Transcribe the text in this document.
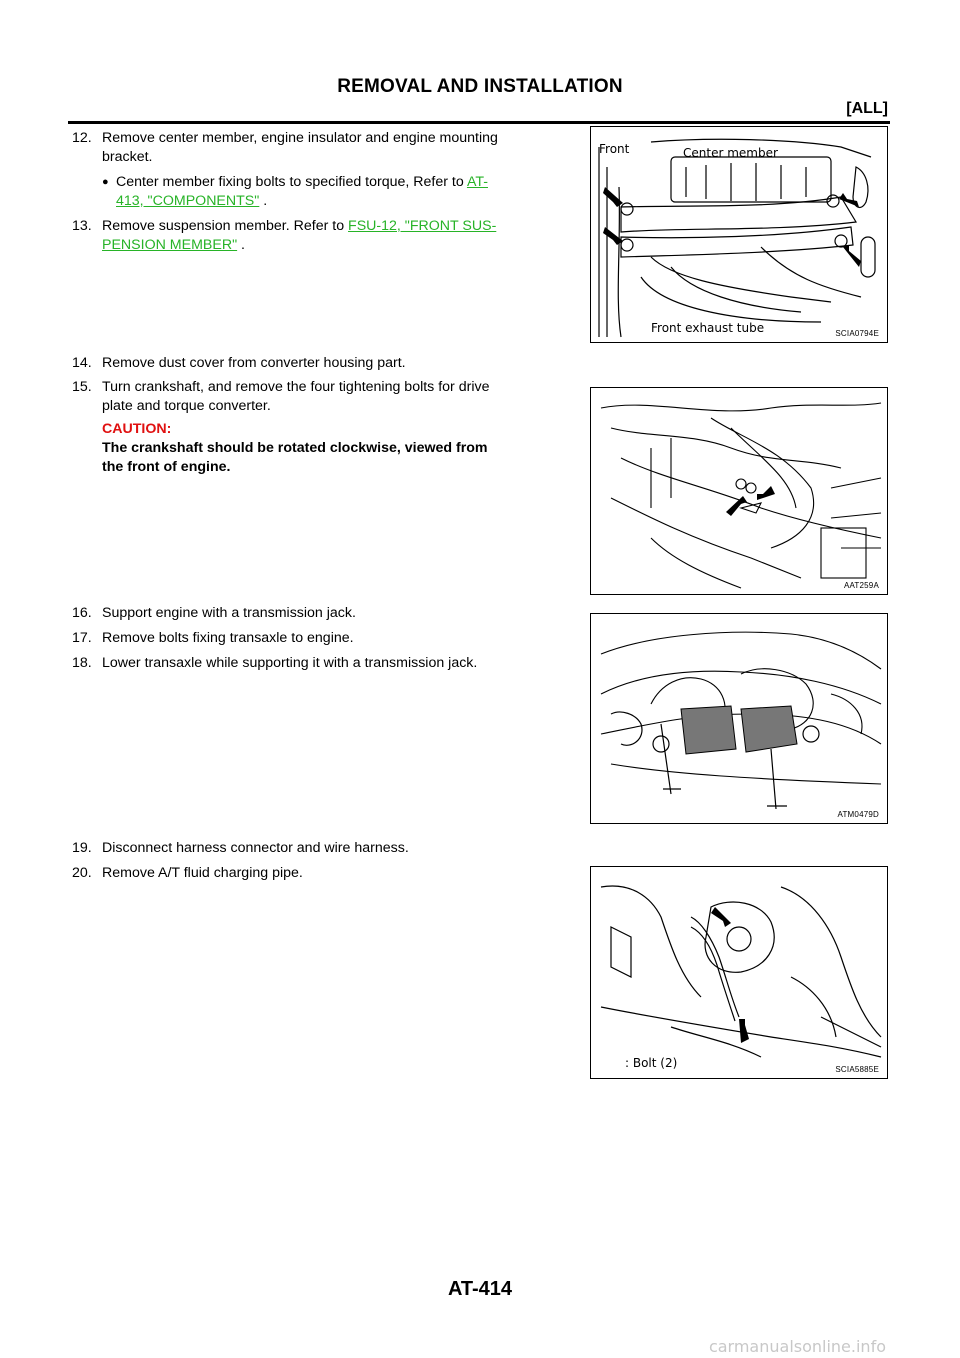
REMOVAL AND INSTALLATION
[ALL]
12. Remove center member, engine insulator and engine mounting
bracket.
● Center member fixing bolts to specified torque, Refer to AT-
413, "COMPONENTS" .
13. Remove suspension member. Refer to FSU-12, "FRONT SUS-
PENSION MEMBER" .
14. Remove dust cover from converter housing part.
15. Turn crankshaft, and remove the four tightening bolts for drive
plate and torque converter.
CAUTION:
The crankshaft should be rotated clockwise, viewed from
the front of engine.
16. Support engine with a transmission jack.
17. Remove bolts fixing transaxle to engine.
18. Lower transaxle while supporting it with a transmission jack.
19. Disconnect harness connector and wire harness.
20. Remove A/T fluid charging pipe.
Front	Center member
Front exhaust tube	SCIA0794E
AAT259A
ATM0479D
: Bolt (2)	SCIA5885E
AT-414
carmanualsonline.info
